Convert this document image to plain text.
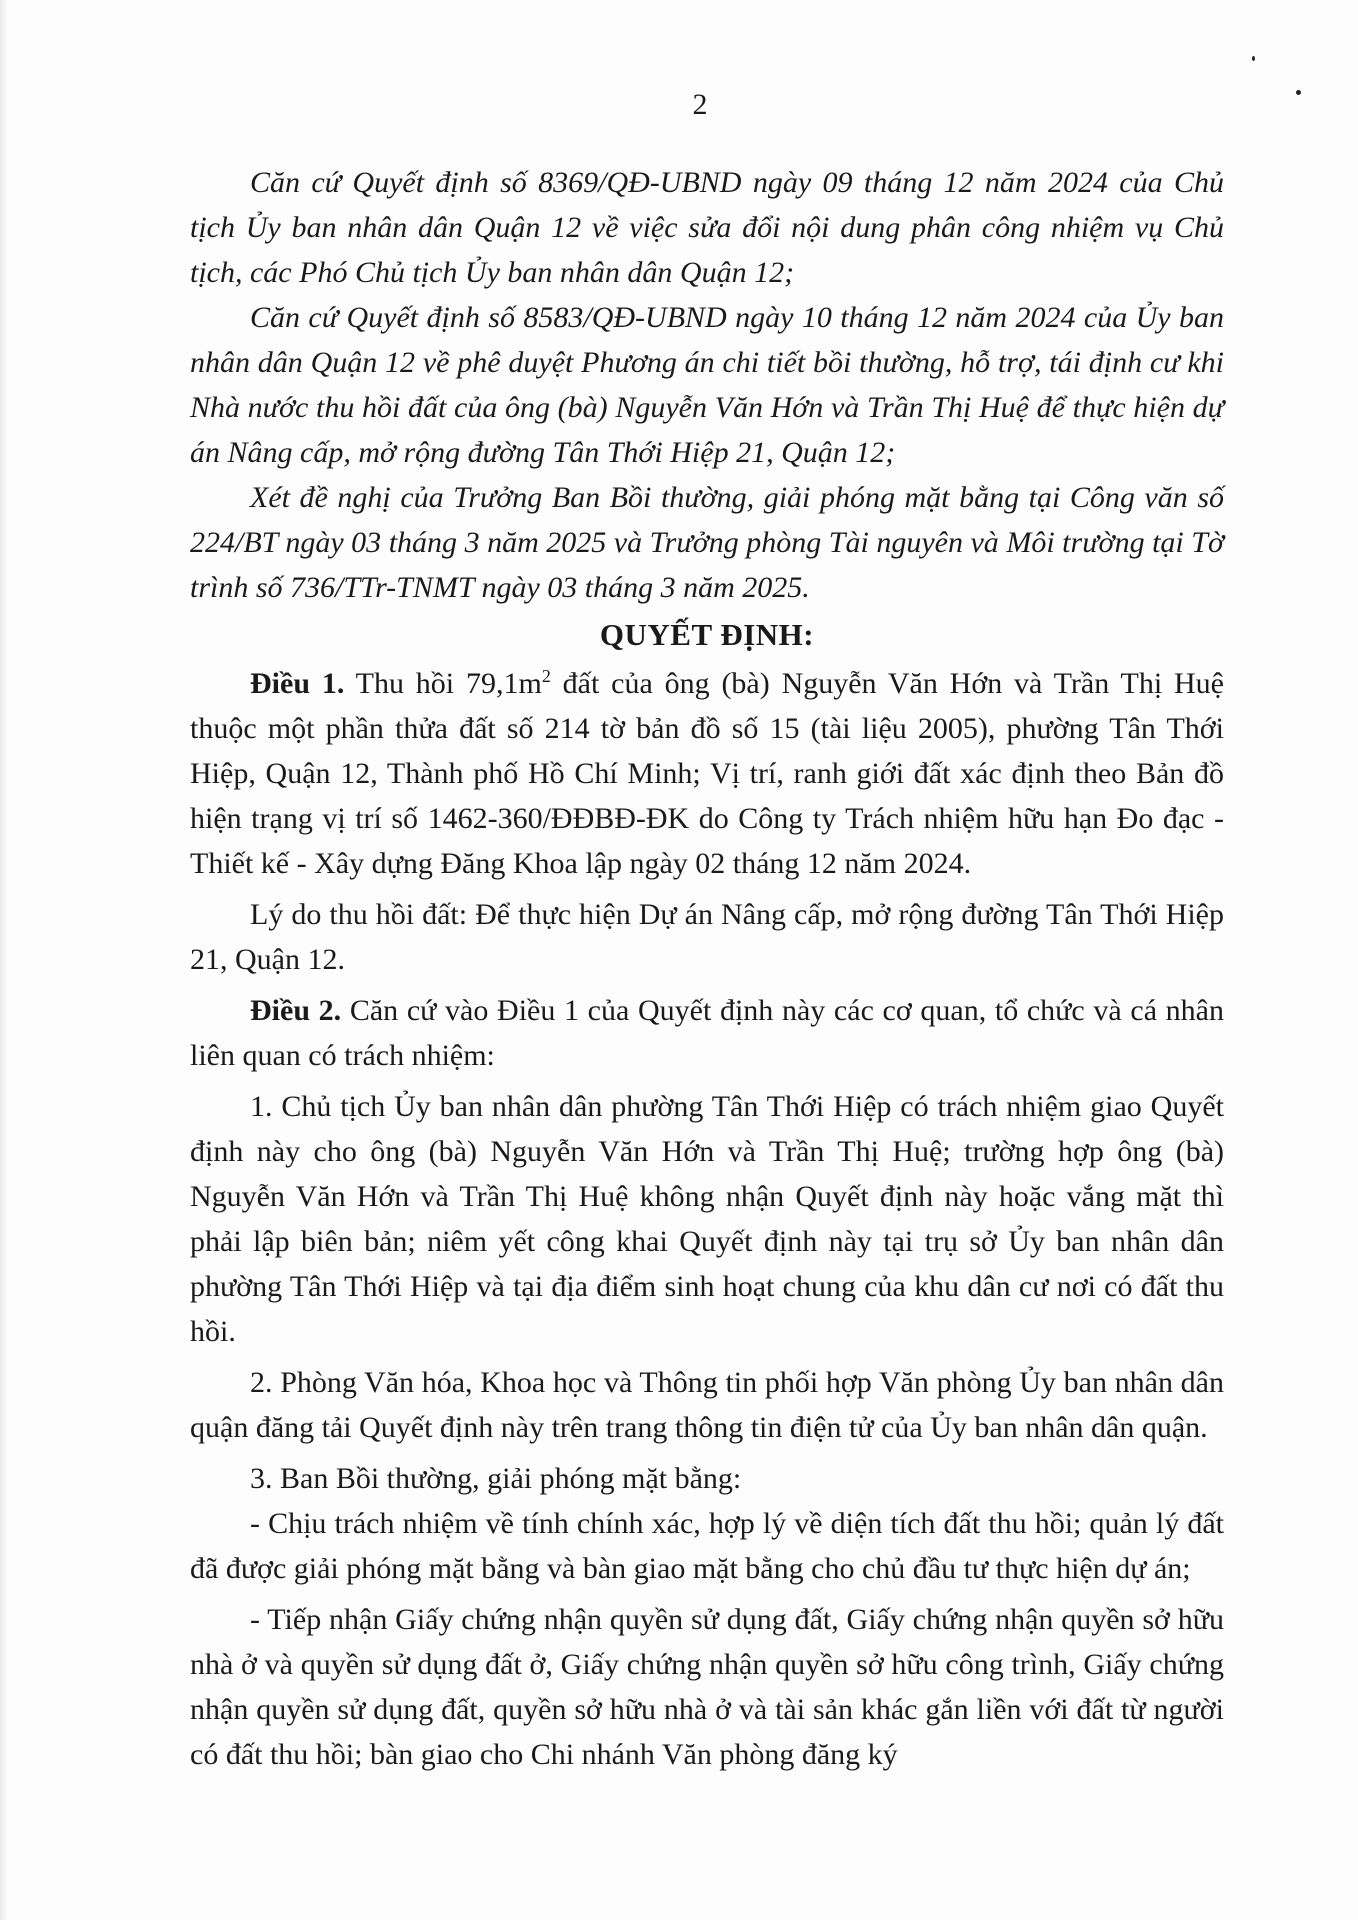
2

Căn cứ Quyết định số 8369/QĐ-UBND ngày 09 tháng 12 năm 2024 của Chủ tịch Ủy ban nhân dân Quận 12 về việc sửa đổi nội dung phân công nhiệm vụ Chủ tịch, các Phó Chủ tịch Ủy ban nhân dân Quận 12;

Căn cứ Quyết định số 8583/QĐ-UBND ngày 10 tháng 12 năm 2024 của Ủy ban nhân dân Quận 12 về phê duyệt Phương án chi tiết bồi thường, hỗ trợ, tái định cư khi Nhà nước thu hồi đất của ông (bà) Nguyễn Văn Hớn và Trần Thị Huệ để thực hiện dự án Nâng cấp, mở rộng đường Tân Thới Hiệp 21, Quận 12;

Xét đề nghị của Trưởng Ban Bồi thường, giải phóng mặt bằng tại Công văn số 224/BT ngày 03 tháng 3 năm 2025 và Trưởng phòng Tài nguyên và Môi trường tại Tờ trình số 736/TTr-TNMT ngày 03 tháng 3 năm 2025.

QUYẾT ĐỊNH:

Điều 1. Thu hồi $79,1m^2$ đất của ông (bà) Nguyễn Văn Hớn và Trần Thị Huệ thuộc một phần thửa đất số 214 tờ bản đồ số 15 (tài liệu 2005), phường Tân Thới Hiệp, Quận 12, Thành phố Hồ Chí Minh; Vị trí, ranh giới đất xác định theo Bản đồ hiện trạng vị trí số 1462-360/ĐĐBĐ-ĐK do Công ty Trách nhiệm hữu hạn Đo đạc - Thiết kế - Xây dựng Đăng Khoa lập ngày 02 tháng 12 năm 2024.

Lý do thu hồi đất: Để thực hiện Dự án Nâng cấp, mở rộng đường Tân Thới Hiệp 21, Quận 12.

Điều 2. Căn cứ vào Điều 1 của Quyết định này các cơ quan, tổ chức và cá nhân liên quan có trách nhiệm:

1. Chủ tịch Ủy ban nhân dân phường Tân Thới Hiệp có trách nhiệm giao Quyết định này cho ông (bà) Nguyễn Văn Hớn và Trần Thị Huệ; trường hợp ông (bà) Nguyễn Văn Hớn và Trần Thị Huệ không nhận Quyết định này hoặc vắng mặt thì phải lập biên bản; niêm yết công khai Quyết định này tại trụ sở Ủy ban nhân dân phường Tân Thới Hiệp và tại địa điểm sinh hoạt chung của khu dân cư nơi có đất thu hồi.

2. Phòng Văn hóa, Khoa học và Thông tin phối hợp Văn phòng Ủy ban nhân dân quận đăng tải Quyết định này trên trang thông tin điện tử của Ủy ban nhân dân quận.

3. Ban Bồi thường, giải phóng mặt bằng:

- Chịu trách nhiệm về tính chính xác, hợp lý về diện tích đất thu hồi; quản lý đất đã được giải phóng mặt bằng và bàn giao mặt bằng cho chủ đầu tư thực hiện dự án;

- Tiếp nhận Giấy chứng nhận quyền sử dụng đất, Giấy chứng nhận quyền sở hữu nhà ở và quyền sử dụng đất ở, Giấy chứng nhận quyền sở hữu công trình, Giấy chứng nhận quyền sử dụng đất, quyền sở hữu nhà ở và tài sản khác gắn liền với đất từ người có đất thu hồi; bàn giao cho Chi nhánh Văn phòng đăng ký
